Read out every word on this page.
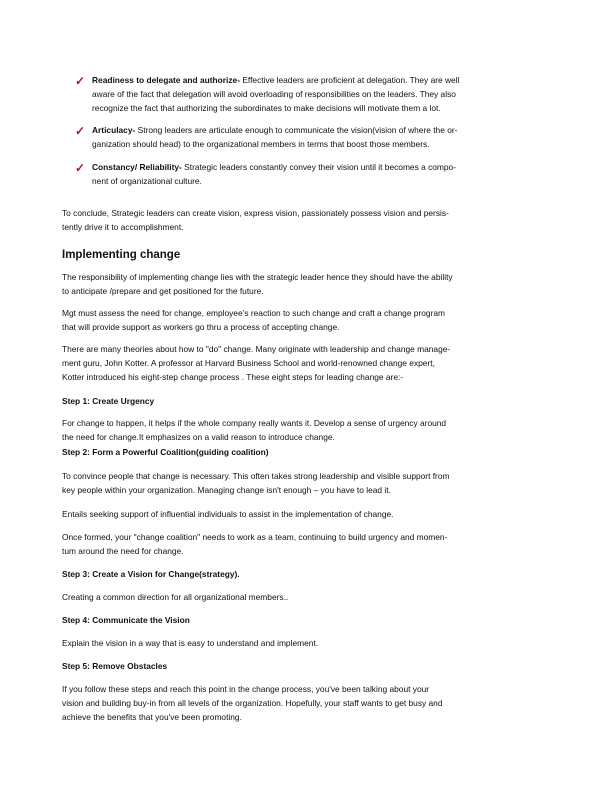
✓ Readiness to delegate and authorize- Effective leaders are proficient at delegation. They are well
aware of the fact that delegation will avoid overloading of responsibilities on the leaders. They also
recognize the fact that authorizing the subordinates to make decisions will motivate them a lot.
✓ Articulacy- Strong leaders are articulate enough to communicate the vision(vision of where the or-
ganization should head) to the organizational members in terms that boost those members.
✓ Constancy/ Reliability- Strategic leaders constantly convey their vision until it becomes a compo-
nent of organizational culture.
To conclude, Strategic leaders can create vision, express vision, passionately possess vision and persis-
tently drive it to accomplishment.
Implementing change
The responsibility of implementing change lies with the strategic leader hence they should have the ability
to anticipate /prepare and get positioned for the future.
Mgt must assess the need for change, employee’s reaction to such change and craft a change program
that will provide support as workers go thru a process of accepting change.
There are many theories about how to "do" change. Many originate with leadership and change manage-
ment guru, John Kotter. A professor at Harvard Business School and world-renowned change expert,
Kotter introduced his eight-step change process . These eight steps for leading change are:-
Step 1: Create Urgency
For change to happen, it helps if the whole company really wants it. Develop a sense of urgency around
the need for change.It emphasizes on a valid reason to introduce change.
Step 2: Form a Powerful Coalition(guiding coalition)
To convince people that change is necessary. This often takes strong leadership and visible support from
key people within your organization. Managing change isn't enough – you have to lead it.
Entails seeking support of influential individuals to assist in the implementation of change.
Once formed, your "change coalition" needs to work as a team, continuing to build urgency and momen-
tum around the need for change.
Step 3: Create a Vision for Change(strategy).
Creating a common direction for all organizational members..
Step 4: Communicate the Vision
Explain the vision in a way that is easy to understand and implement.
Step 5: Remove Obstacles
If you follow these steps and reach this point in the change process, you've been talking about your
vision and building buy-in from all levels of the organization. Hopefully, your staff wants to get busy and
achieve the benefits that you've been promoting.
